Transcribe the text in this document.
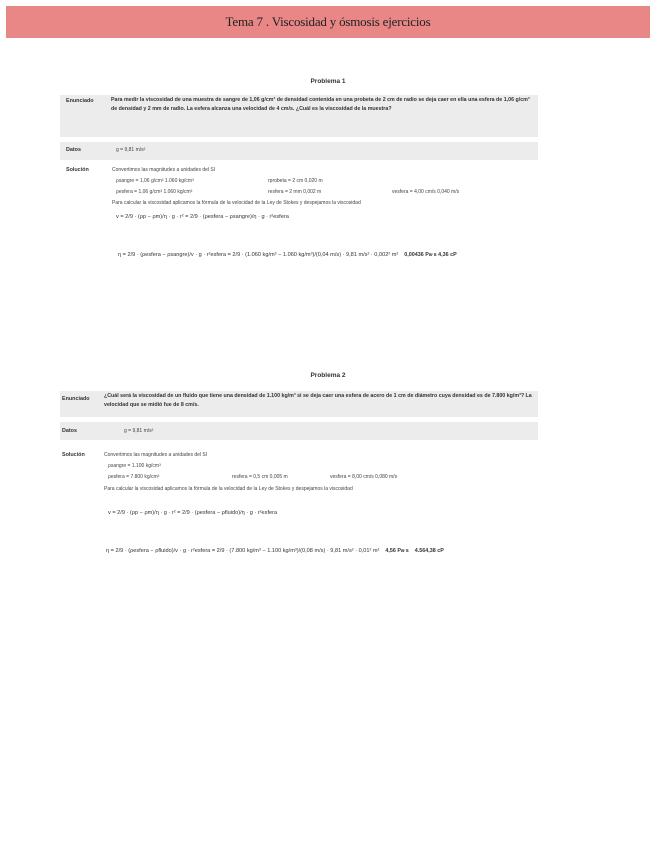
Tema 7 . Viscosidad y ósmosis ejercicios
Problema 1
Enunciado	Para medir la viscosidad de una muestra de sangre de 1,06 g/cm³ de densidad contenida en una probeta de 2 cm de radio se deja caer en ella una esfera de 1,06 g/cm³ de densidad y 2 mm de radio. La esfera alcanza una velocidad de 4 cm/s. ¿Cuál es la viscosidad de la muestra?
Datos	g = 9,81 m/s²
Solución	Convertimos las magnitudes a unidades del SI
ρsangre = 1,06 g/cm³ 1.060 kg/cm³	rprobeta = 2 cm 0,020 m
ρesfera = 1,06 g/cm³ 1.060 kg/cm³	resfera = 2 mm 0,002 m	vesfera = 4,00 cm/s 0,040 m/s
Para calcular la viscosidad aplicamos la fórmula de la velocidad de la Ley de Stokes y despejamos la viscosidad
v = 2/9 · (ρp − ρm)/η · g · r² = 2/9 · (ρesfera − ρsangre)/η · g · r²esfera
η = 2/9 · (ρesfera − ρsangre)/v · g · r²esfera = 2/9 · (1.060 kg/m³ − 1.060 kg/m³)/(0,04 m/s) · 9,81 m/s² · 0,002² m² 0,00436 Pa·s 4,36 cP
Problema 2
Enunciado	¿Cuál será la viscosidad de un fluido que tiene una densidad de 1.100 kg/m³ si se deja caer una esfera de acero de 1 cm de diámetro cuya densidad es de 7.800 kg/m³? La velocidad que se midió fue de 8 cm/s.
Datos	g = 9,81 m/s²
Solución	Convertimos las magnitudes a unidades del SI
ρsangre = 1.100 kg/cm³
ρesfera = 7.800 kg/cm³	resfera = 0,5 cm 0,005 m	vesfera = 8,00 cm/s 0,080 m/s
Para calcular la viscosidad aplicamos la fórmula de la velocidad de la Ley de Stokes y despejamos la viscosidad
v = 2/9 · (ρp − ρm)/η · g · r² = 2/9 · (ρesfera − ρfluido)/η · g · r²esfera
η = 2/9 · (ρesfera − ρfluido)/v · g · r²esfera = 2/9 · (7.800 kg/m³ − 1.100 kg/m³)/(0,08 m/s) · 9,81 m/s² · 0,01² m² 4,56 Pa·s 4.564,38 cP
